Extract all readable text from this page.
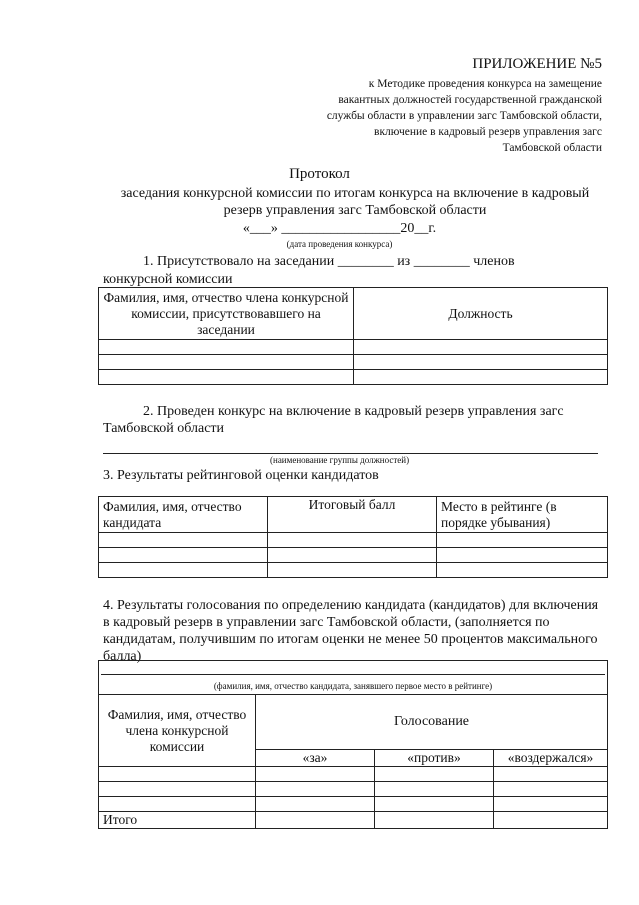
ПРИЛОЖЕНИЕ №5
к Методике проведения конкурса на замещение
вакантных должностей государственной гражданской
службы области в управлении загс Тамбовской области,
включение в кадровый резерв управления загс
Тамбовской области
Протокол
заседания конкурсной комиссии по итогам конкурса на включение в кадровый резерв управления загс Тамбовской области
«___» _________________20__г.
(дата проведения конкурса)
1. Присутствовало на заседании ________ из ________ членов
конкурсной комиссии
Фамилия, имя, отчество члена конкурсной комиссии, присутствовавшего на заседании	Должность

2. Проведен конкурс на включение в кадровый резерв управления загс
Тамбовской области
(наименование группы должностей)
3. Результаты рейтинговой оценки кандидатов
Фамилия, имя, отчество кандидата	Итоговый балл	Место в рейтинге (в порядке убывания)

4. Результаты голосования по определению кандидата (кандидатов) для включения в кадровый резерв в управлении загс Тамбовской области, (заполняется по кандидатам, получившим по итогам оценки не менее 50 процентов максимального балла)
(фамилия, имя, отчество кандидата, занявшего первое место в рейтинге)			
Фамилия, имя, отчество члена конкурсной комиссии	Голосование		
	«за»	«против»	«воздержался»

Итого			
